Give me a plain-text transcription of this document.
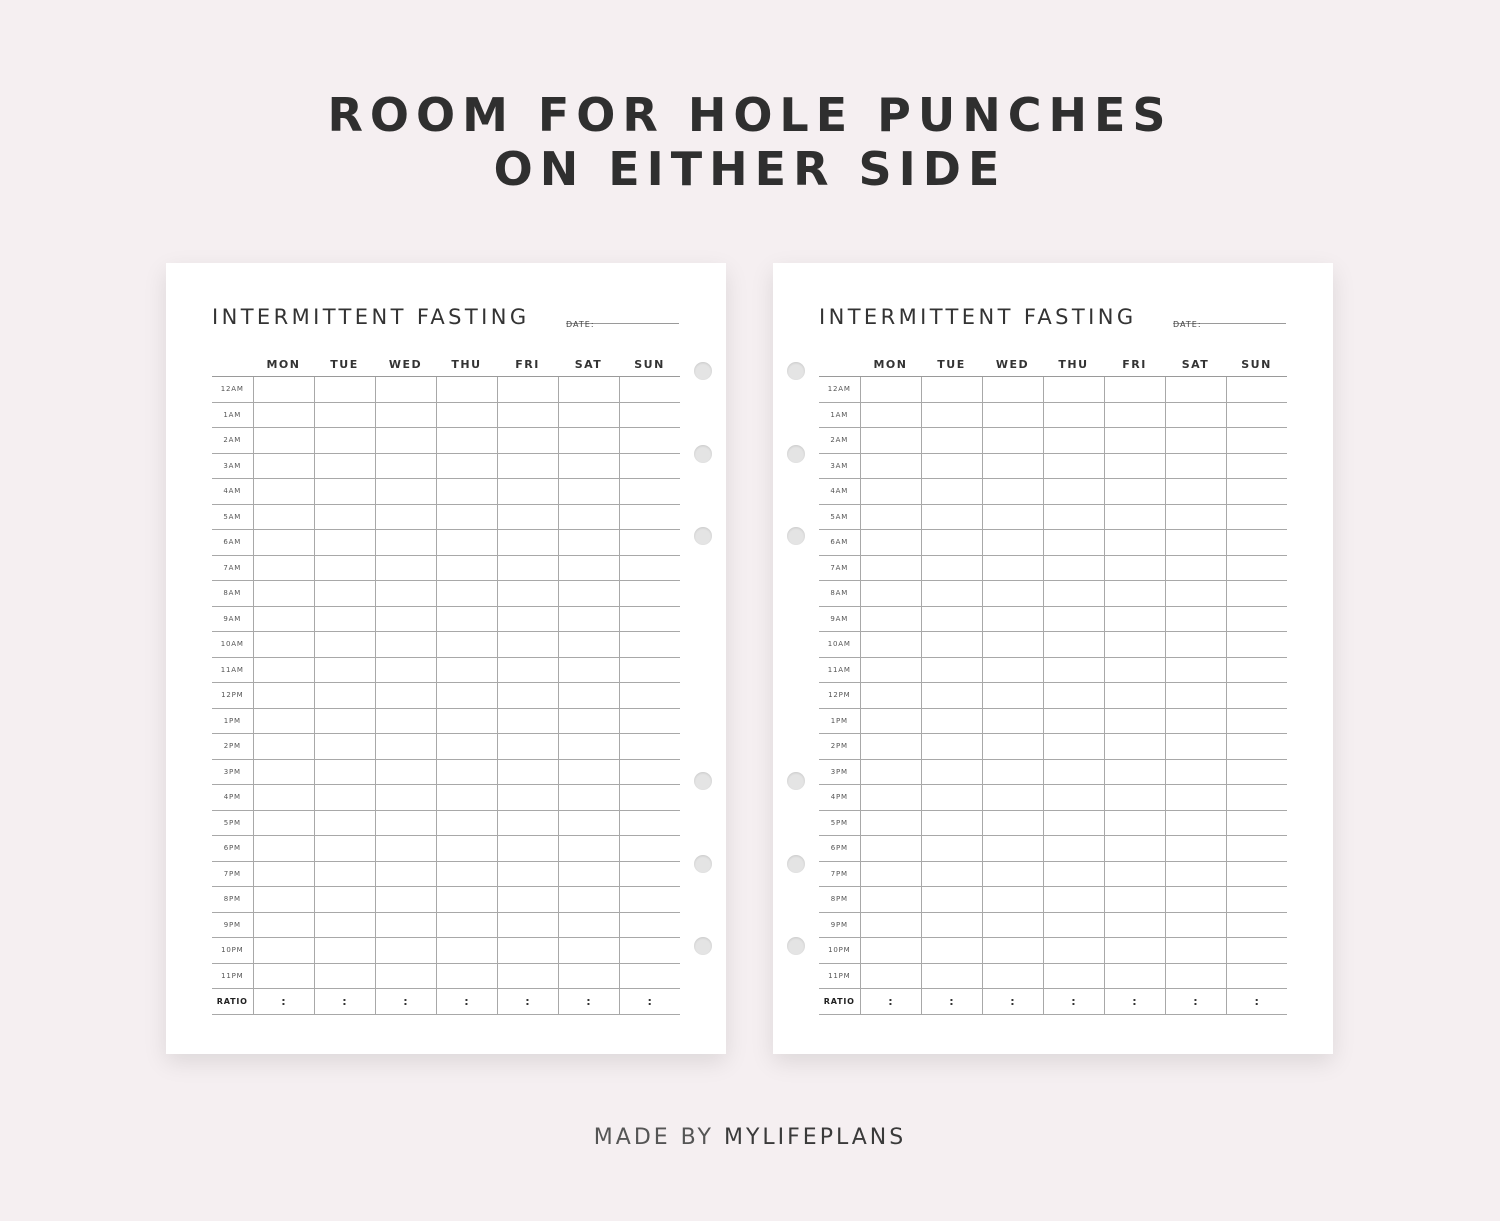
ROOM FOR HOLE PUNCHES
ON EITHER SIDE
INTERMITTENT FASTING	DATE:
	MON	TUE	WED	THU	FRI	SAT	SUN
12AM							
1AM							
2AM							
3AM							
4AM							
5AM							
6AM							
7AM							
8AM							
9AM							
10AM							
11AM							
12PM							
1PM							
2PM							
3PM							
4PM							
5PM							
6PM							
7PM							
8PM							
9PM							
10PM							
11PM							
RATIO	:	:	:	:	:	:	:
INTERMITTENT FASTING	DATE:
	MON	TUE	WED	THU	FRI	SAT	SUN
12AM							
1AM							
2AM							
3AM							
4AM							
5AM							
6AM							
7AM							
8AM							
9AM							
10AM							
11AM							
12PM							
1PM							
2PM							
3PM							
4PM							
5PM							
6PM							
7PM							
8PM							
9PM							
10PM							
11PM							
RATIO	:	:	:	:	:	:	:
MADE BY MYLIFEPLANS
